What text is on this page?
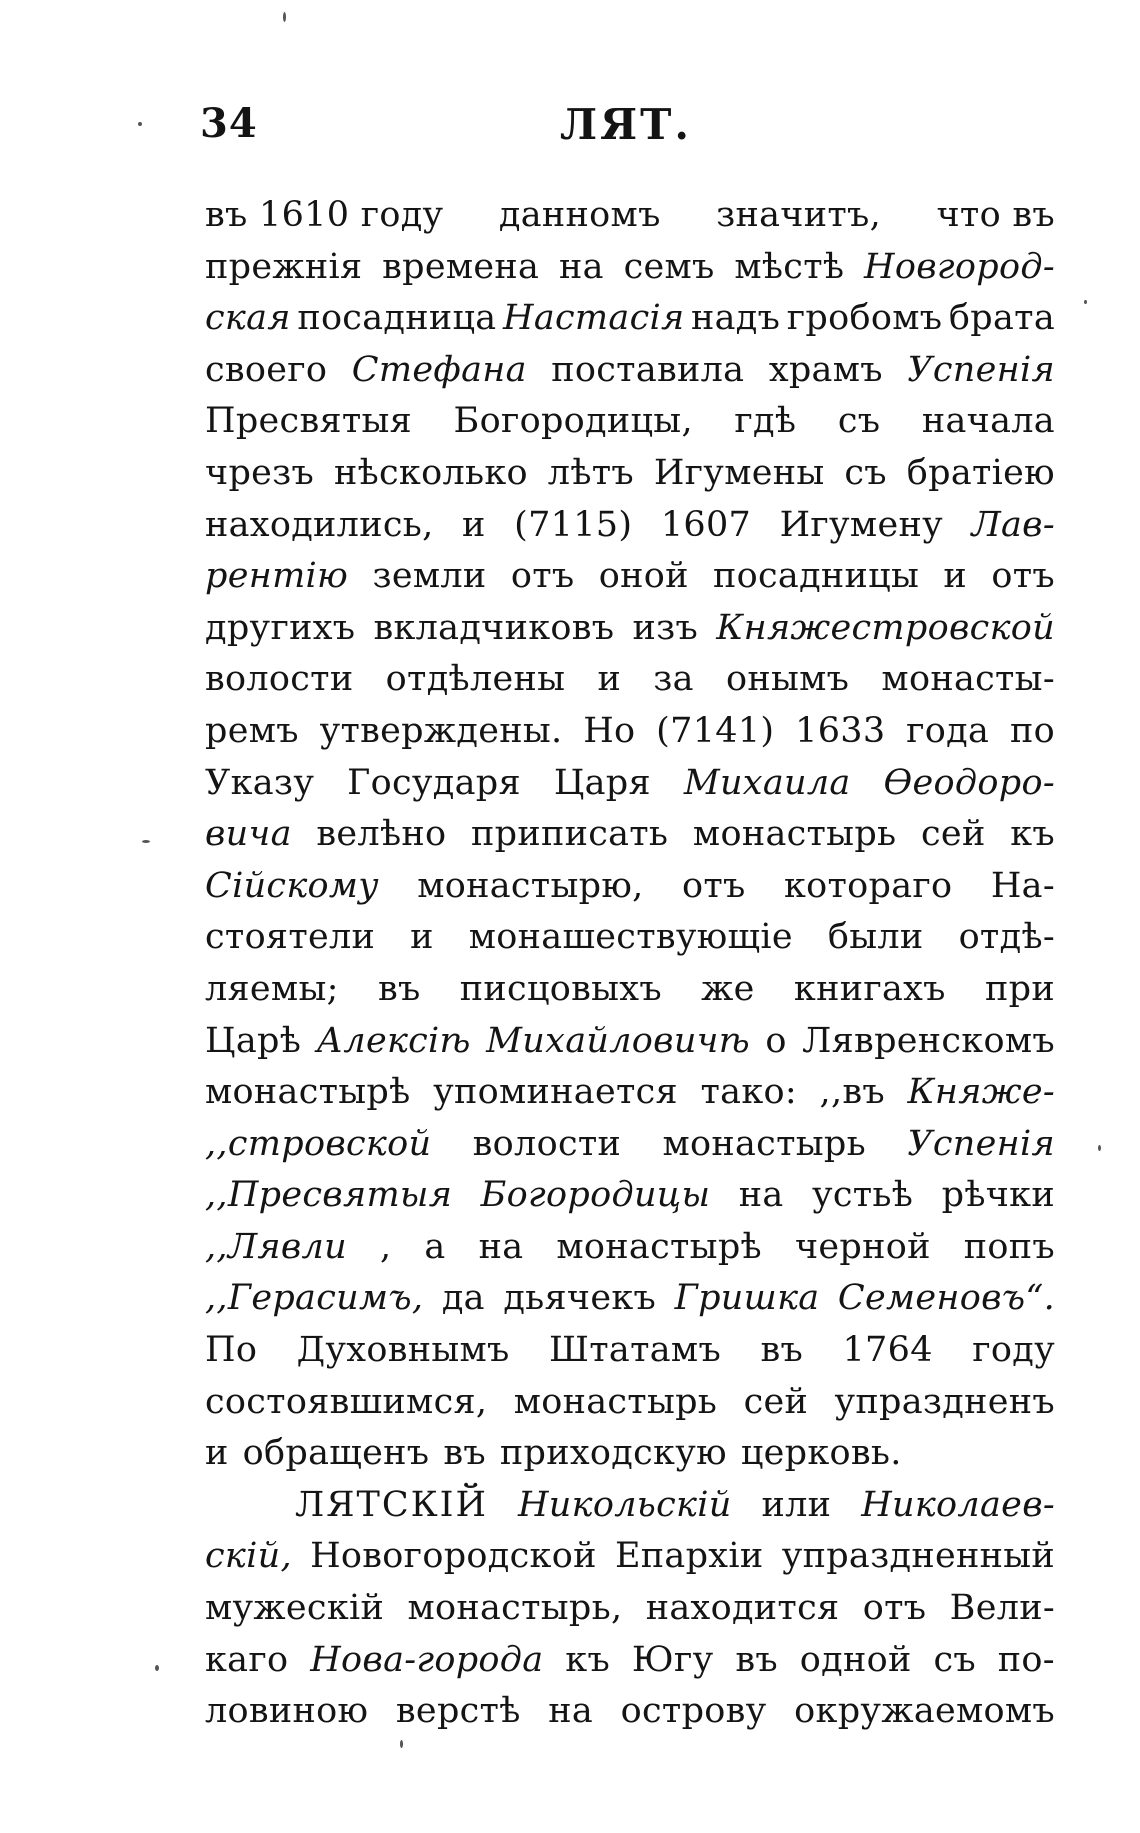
34	ЛЯТ.
въ 1610 году данномъ значитъ, что въ
прежнія времена на семъ мѣстѣ Новгород-
ская посадница Настасія надъ гробомъ брата
своего Стефана поставила храмъ Успенія
Пресвятыя Богородицы, гдѣ съ начала
чрезъ нѣсколько лѣтъ Игумены съ братіею
находились, и (7115) 1607 Игумену Лав-
рентію земли отъ оной посадницы и отъ
другихъ вкладчиковъ изъ Княжестровской
волости отдѣлены и за онымъ монасты-
ремъ утверждены. Но (7141) 1633 года по
Указу Государя Царя Михаила Ѳеодоро-
вича велѣно приписать монастырь сей къ
Сійскому монастырю, отъ котораго На-
стоятели и монашествующіе были отдѣ-
ляемы; въ писцовыхъ же книгахъ при
Царѣ Алексіѣ Михайловичѣ о Лявренскомъ
монастырѣ упоминается тако: ,,въ Княже-
,,стровской волости монастырь Успенія
,,Пресвятыя Богородицы на устьѣ рѣчки
,,Лявли , а на монастырѣ черной попъ
,,Герасимъ, да дьячекъ Гришка Семеновъ“.
По Духовнымъ Штатамъ въ 1764 году
состоявшимся, монастырь сей упраздненъ
и обращенъ въ приходскую церковь.
ЛЯТСКІЙ Никольскій или Николаев-
скій, Новогородской Епархіи упраздненный
мужескій монастырь, находится отъ Вели-
каго Нова-города къ Югу въ одной съ по-
ловиною верстѣ на острову окружаемомъ
